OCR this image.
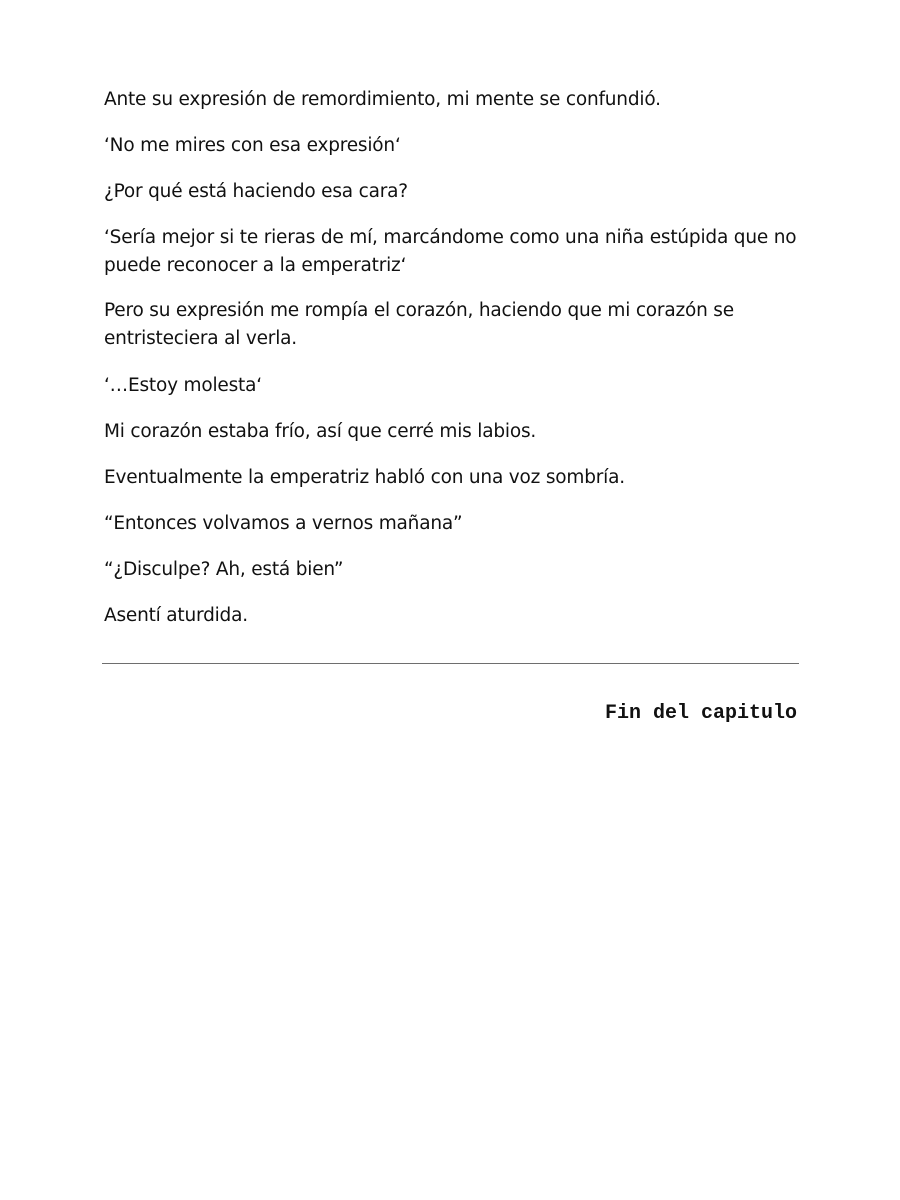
Ante su expresión de remordimiento, mi mente se confundió.

‘No me mires con esa expresión‘

¿Por qué está haciendo esa cara?

‘Sería mejor si te rieras de mí, marcándome como una niña estúpida que no puede reconocer a la emperatriz‘

Pero su expresión me rompía el corazón, haciendo que mi corazón se entristeciera al verla.

‘…Estoy molesta‘

Mi corazón estaba frío, así que cerré mis labios.

Eventualmente la emperatriz habló con una voz sombría.

“Entonces volvamos a vernos mañana”

“¿Disculpe? Ah, está bien”

Asentí aturdida.

Fin del capitulo
